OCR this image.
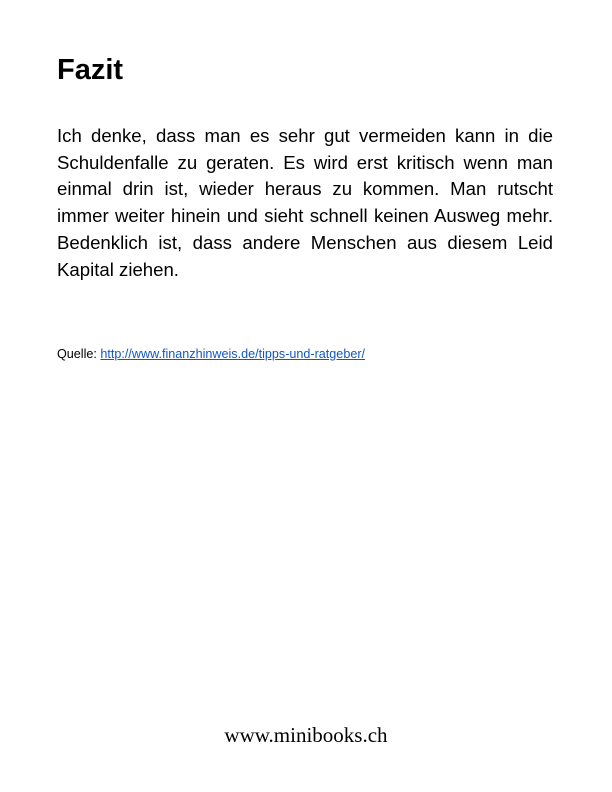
Fazit

Ich denke, dass man es sehr gut vermeiden kann in die Schuldenfalle zu geraten. Es wird erst kritisch wenn man einmal drin ist, wieder heraus zu kommen. Man rutscht immer weiter hinein und sieht schnell keinen Ausweg mehr. Bedenklich ist, dass andere Menschen aus diesem Leid Kapital ziehen.

Quelle: http://www.finanzhinweis.de/tipps-und-ratgeber/

www.minibooks.ch
